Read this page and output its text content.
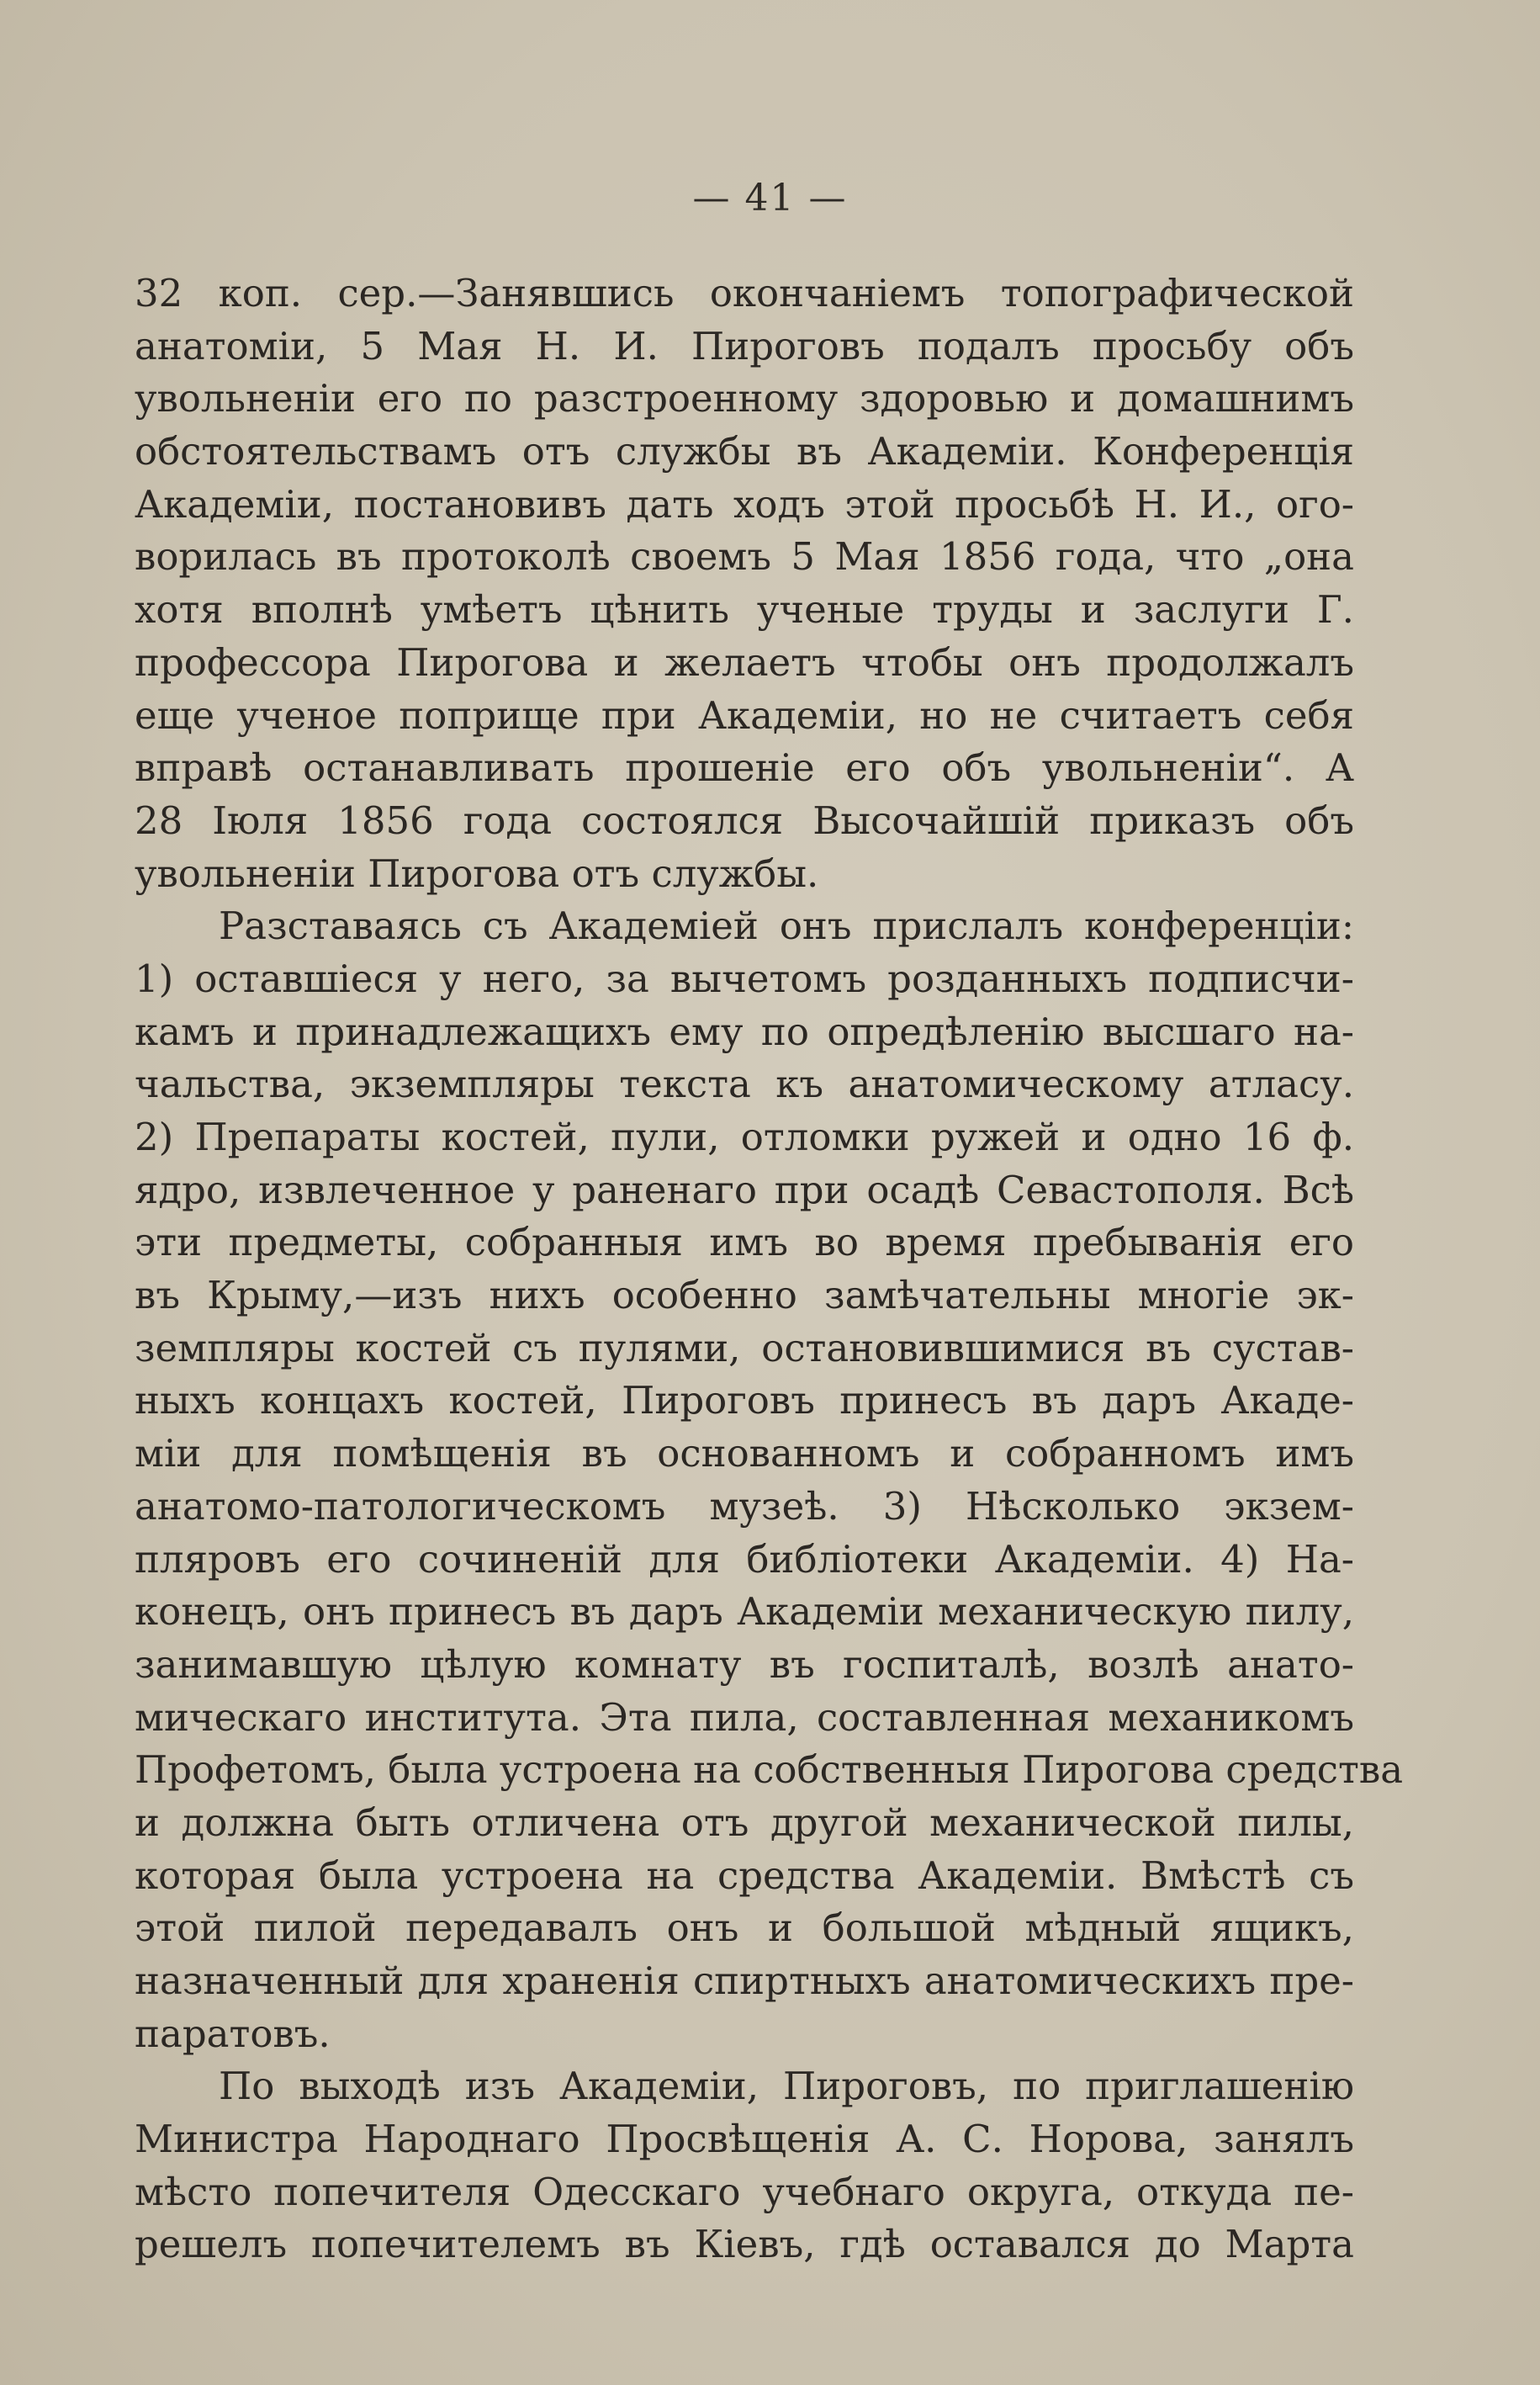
— 41 —
32 коп. сер.—Занявшись окончаніемъ топографической
анатоміи, 5 Мая Н. И. Пироговъ подалъ просьбу объ
увольненіи его по разстроенному здоровью и домашнимъ
обстоятельствамъ отъ службы въ Академіи. Конференція
Академіи, постановивъ дать ходъ этой просьбѣ Н. И., ого-
ворилась въ протоколѣ своемъ 5 Мая 1856 года, что „она
хотя вполнѣ умѣетъ цѣнить ученые труды и заслуги Г.
профессора Пирогова и желаетъ чтобы онъ продолжалъ
еще ученое поприще при Академіи, но не считаетъ себя
вправѣ останавливать прошеніе его объ увольненіи“. А
28 Іюля 1856 года состоялся Высочайшій приказъ объ
увольненіи Пирогова отъ службы.
Разставаясь съ Академіей онъ прислалъ конференціи:
1) оставшіеся у него, за вычетомъ розданныхъ подписчи-
камъ и принадлежащихъ ему по опредѣленію высшаго на-
чальства, экземпляры текста къ анатомическому атласу.
2) Препараты костей, пули, отломки ружей и одно 16 ф.
ядро, извлеченное у раненаго при осадѣ Севастополя. Всѣ
эти предметы, собранныя имъ во время пребыванія его
въ Крыму,—изъ нихъ особенно замѣчательны многіе эк-
земпляры костей съ пулями, остановившимися въ сустав-
ныхъ концахъ костей, Пироговъ принесъ въ даръ Акаде-
міи для помѣщенія въ основанномъ и собранномъ имъ
анатомо-патологическомъ музеѣ. 3) Нѣсколько экзем-
пляровъ его сочиненій для библіотеки Академіи. 4) На-
конецъ, онъ принесъ въ даръ Академіи механическую пилу,
занимавшую цѣлую комнату въ госпиталѣ, возлѣ анато-
мическаго института. Эта пила, составленная механикомъ
Профетомъ, была устроена на собственныя Пирогова средства
и должна быть отличена отъ другой механической пилы,
которая была устроена на средства Академіи. Вмѣстѣ съ
этой пилой передавалъ онъ и большой мѣдный ящикъ,
назначенный для храненія спиртныхъ анатомическихъ пре-
паратовъ.
По выходѣ изъ Академіи, Пироговъ, по приглашенію
Министра Народнаго Просвѣщенія А. С. Норова, занялъ
мѣсто попечителя Одесскаго учебнаго округа, откуда пе-
решелъ попечителемъ въ Кіевъ, гдѣ оставался до Марта
